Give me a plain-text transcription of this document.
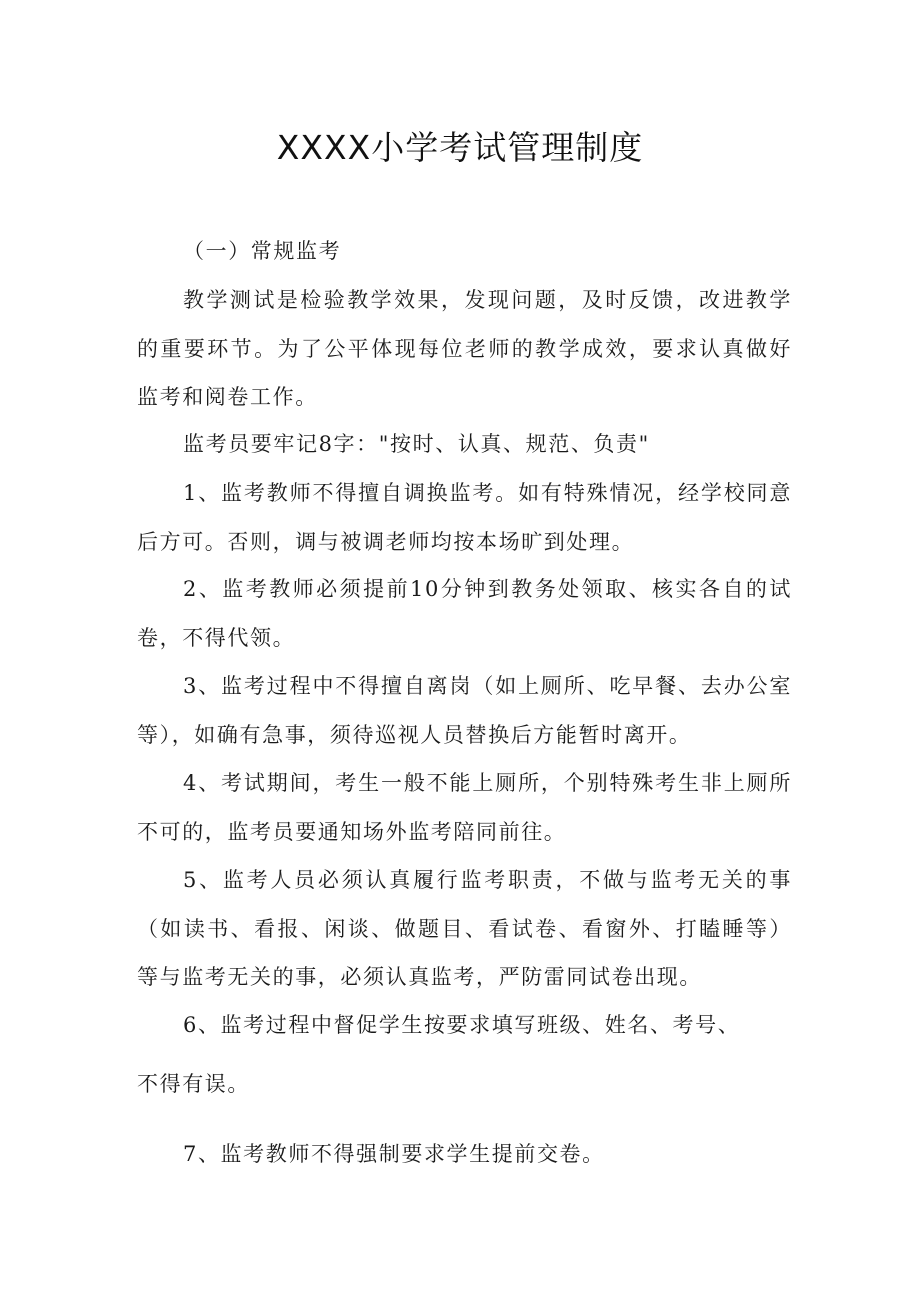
XXXX小学考试管理制度

（一）常规监考

教学测试是检验教学效果，发现问题，及时反馈，改进教学的重要环节。为了公平体现每位老师的教学成效，要求认真做好监考和阅卷工作。

监考员要牢记8字："按时、认真、规范、负责"

1、监考教师不得擅自调换监考。如有特殊情况，经学校同意后方可。否则，调与被调老师均按本场旷到处理。

2、监考教师必须提前10分钟到教务处领取、核实各自的试卷，不得代领。

3、监考过程中不得擅自离岗（如上厕所、吃早餐、去办公室等），如确有急事，须待巡视人员替换后方能暂时离开。

4、考试期间，考生一般不能上厕所，个别特殊考生非上厕所不可的，监考员要通知场外监考陪同前往。

5、监考人员必须认真履行监考职责，不做与监考无关的事（如读书、看报、闲谈、做题目、看试卷、看窗外、打瞌睡等）等与监考无关的事，必须认真监考，严防雷同试卷出现。

6、监考过程中督促学生按要求填写班级、姓名、考号、

不得有误。

7、监考教师不得强制要求学生提前交卷。
